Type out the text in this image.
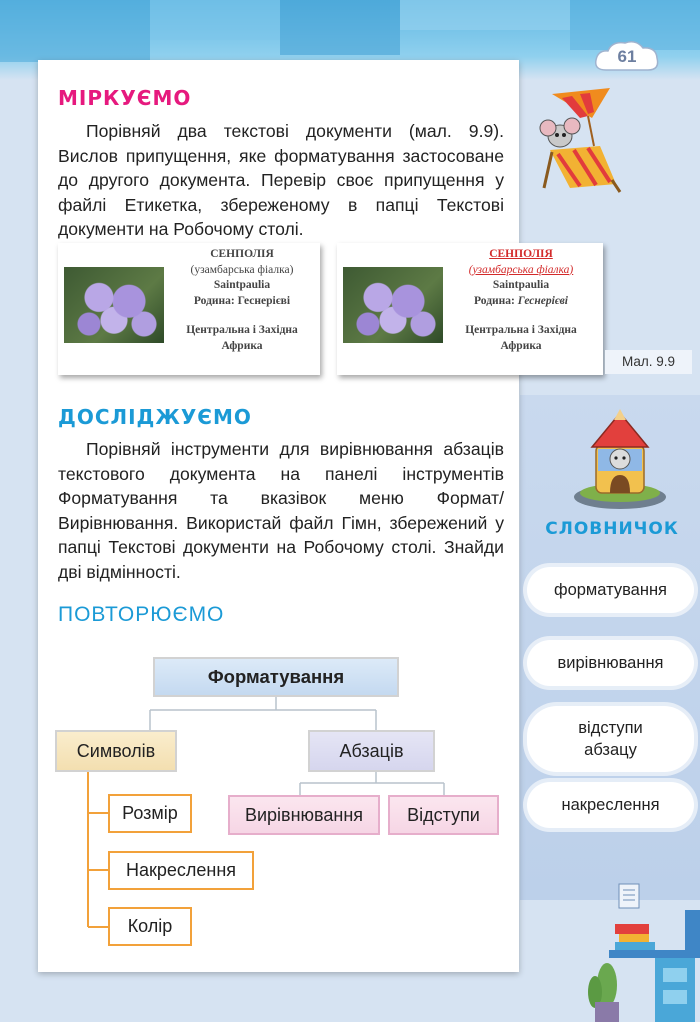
61
МІРКУЄМО

Порівняй два текстові документи (мал. 9.9). Вислов припущення, яке форматування застосоване до другого документа. Перевір своє припущення у файлі Етикетка, збереженому в папці Текстові документи на Робочому столі.

СЕНПОЛІЯ
(узамбарська фіалка)
Saintpaulia
Родина: Геснерієві
Центральна і Західна Африка
СЕНПОЛІЯ
(узамбарська фіалка)
Saintpaulia
Родина: Геснерієві
Центральна і Західна Африка
Мал. 9.9
ДОСЛІДЖУЄМО

Порівняй інструменти для вирівнювання абзаців текстового документа на панелі інструментів Форматування та вказівок меню Формат/Вирівнювання. Використай файл Гімн, збережений у папці Текстові документи на Робочому столі. Знайди дві відмінності.

СЛОВНИЧОК
форматування
вирівнювання
відступи абзацу
накреслення
ПОВТОРЮЄМО
Форматування
Символів	Абзаців
Розмір
Накреслення
Колір
Вирівнювання	Відступи
